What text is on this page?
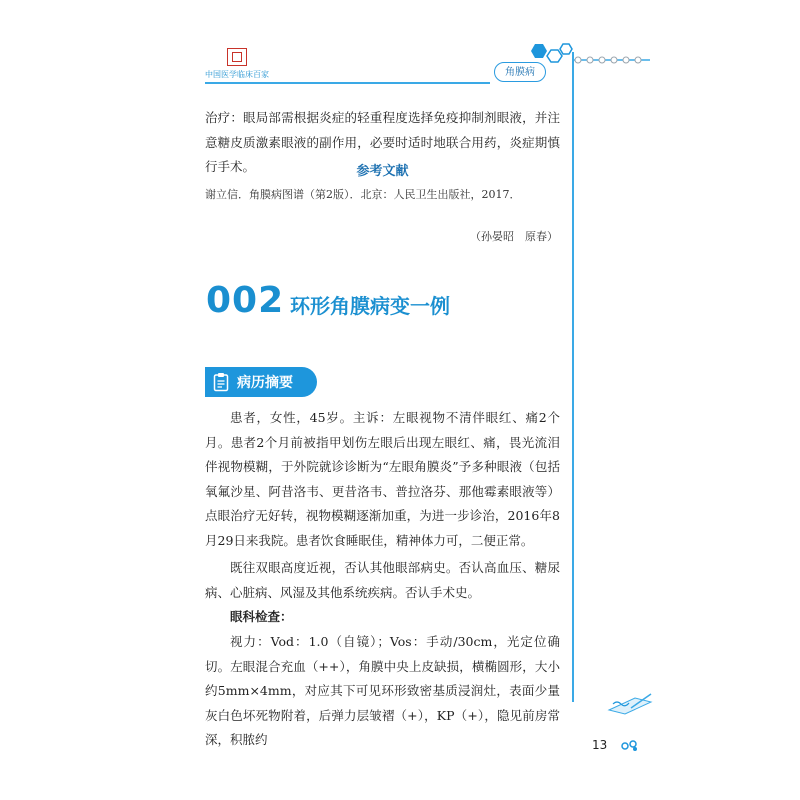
中国医学临床百家	角膜病

治疗：眼局部需根据炎症的轻重程度选择免疫抑制剂眼液，并注意糖皮质激素眼液的副作用，必要时适时地联合用药，炎症期慎行手术。	参考文献
谢立信．角膜病图谱（第2版）．北京：人民卫生出版社，2017．
（孙晏昭　原春）
002 环形角膜病变一例
病历摘要

患者，女性，45岁。主诉：左眼视物不清伴眼红、痛2个月。患者2个月前被指甲划伤左眼后出现左眼红、痛，畏光流泪伴视物模糊，于外院就诊诊断为“左眼角膜炎”予多种眼液（包括氧氟沙星、阿昔洛韦、更昔洛韦、普拉洛芬、那他霉素眼液等）点眼治疗无好转，视物模糊逐渐加重，为进一步诊治，2016年8月29日来我院。患者饮食睡眠佳，精神体力可，二便正常。

既往双眼高度近视，否认其他眼部病史。否认高血压、糖尿病、心脏病、风湿及其他系统疾病。否认手术史。

眼科检查：

视力：Vod：1.0（自镜）；Vos：手动/30cm，光定位确切。左眼混合充血（++），角膜中央上皮缺损，横椭圆形，大小约5mm×4mm，对应其下可见环形致密基质浸润灶，表面少量灰白色坏死物附着，后弹力层皱褶（+），KP（+），隐见前房常深，积脓约	13
